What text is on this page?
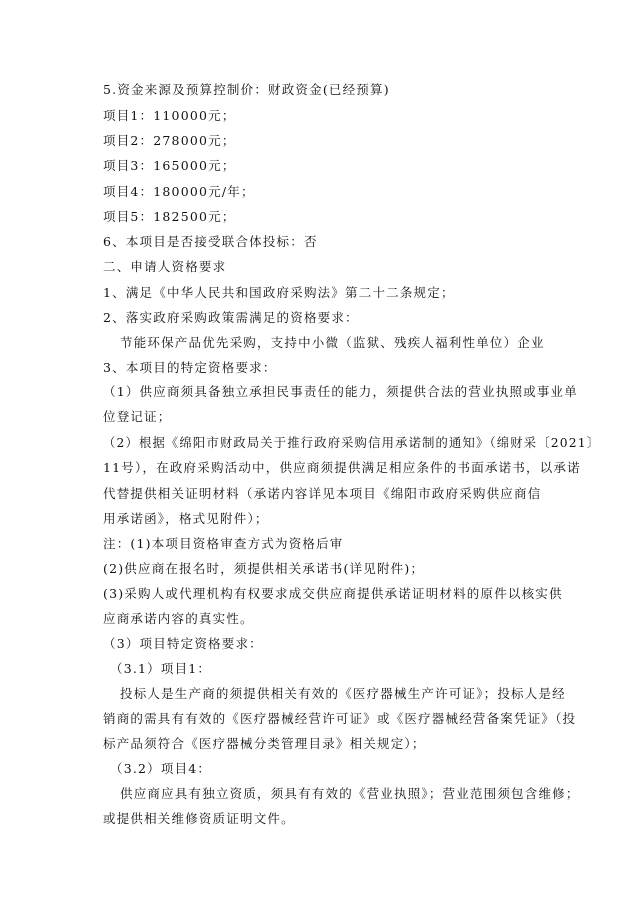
5.资金来源及预算控制价：财政资金(已经预算)
项目1：110000元；
项目2：278000元；
项目3：165000元；
项目4：180000元/年；
项目5：182500元；
6、本项目是否接受联合体投标：否
二、申请人资格要求
1、满足《中华人民共和国政府采购法》第二十二条规定；
2、落实政府采购政策需满足的资格要求：
节能环保产品优先采购，支持中小微（监狱、残疾人福利性单位）企业
3、本项目的特定资格要求：
（1）供应商须具备独立承担民事责任的能力，须提供合法的营业执照或事业单
位登记证；
（2）根据《绵阳市财政局关于推行政府采购信用承诺制的通知》（绵财采〔2021〕
11号），在政府采购活动中，供应商须提供满足相应条件的书面承诺书，以承诺
代替提供相关证明材料（承诺内容详见本项目《绵阳市政府采购供应商信
用承诺函》，格式见附件）；
注：(1)本项目资格审查方式为资格后审
(2)供应商在报名时，须提供相关承诺书(详见附件)；
(3)采购人或代理机构有权要求成交供应商提供承诺证明材料的原件以核实供
应商承诺内容的真实性。
（3）项目特定资格要求：
（3.1）项目1：
投标人是生产商的须提供相关有效的《医疗器械生产许可证》；投标人是经
销商的需具有有效的《医疗器械经营许可证》或《医疗器械经营备案凭证》（投
标产品须符合《医疗器械分类管理目录》相关规定）；
（3.2）项目4：
供应商应具有独立资质，须具有有效的《营业执照》；营业范围须包含维修；
或提供相关维修资质证明文件。
